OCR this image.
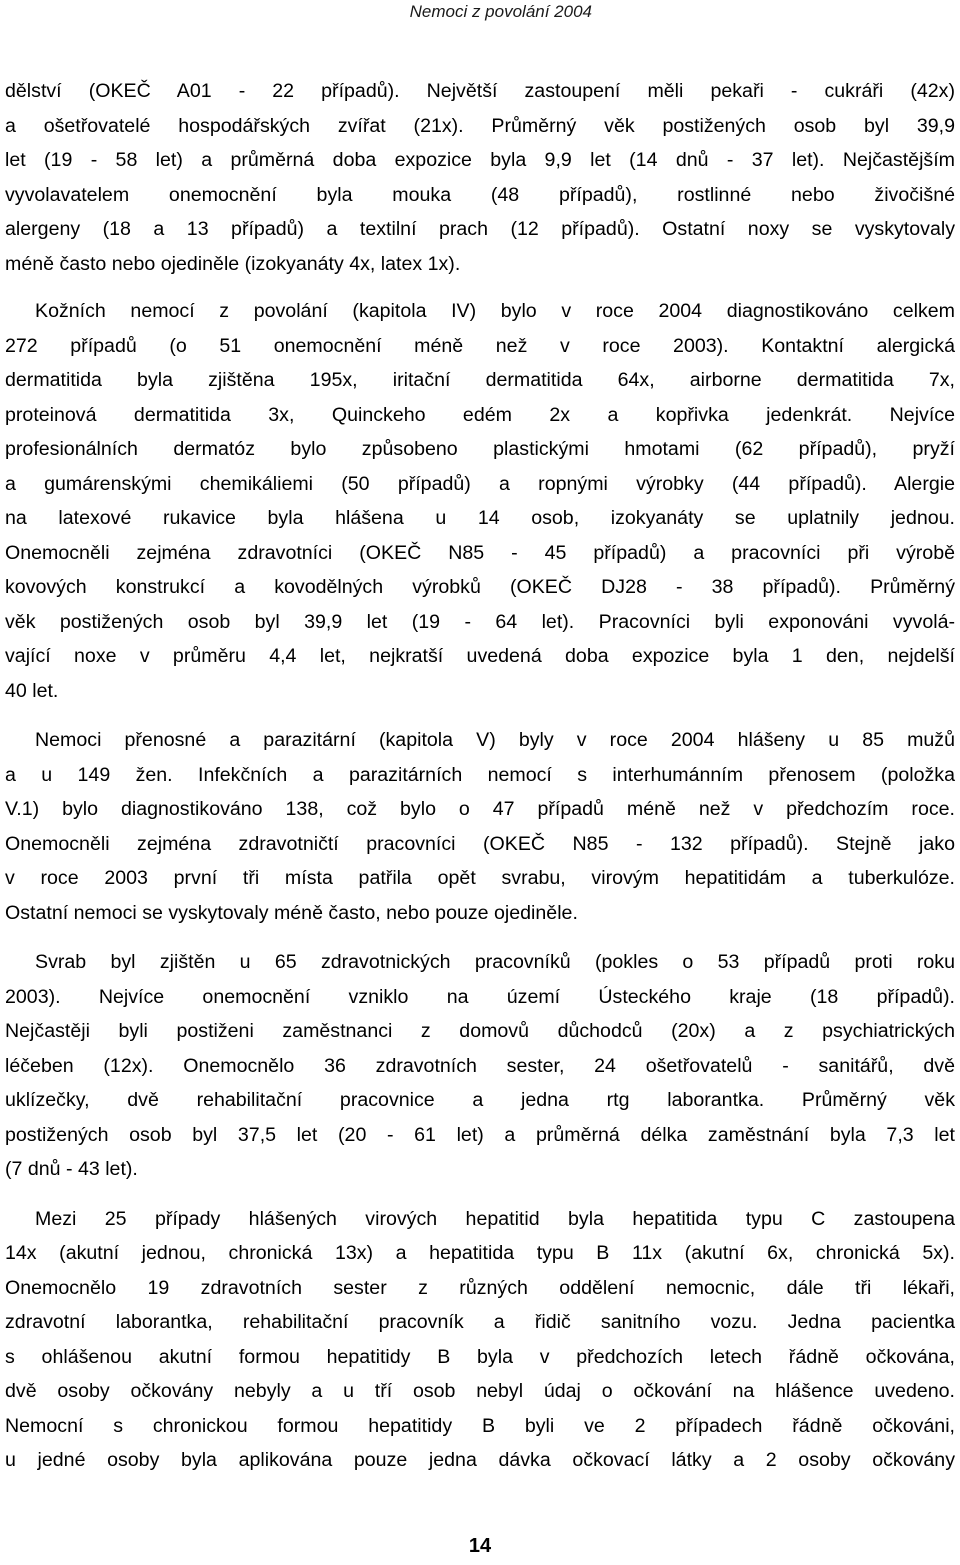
Nemoci z povolání 2004

dělství (OKEČ A01 - 22 případů). Největší zastoupení měli pekaři - cukráři (42x)
a ošetřovatelé hospodářských zvířat (21x). Průměrný věk postižených osob byl 39,9
let (19 - 58 let) a průměrná doba expozice byla 9,9 let (14 dnů - 37 let). Nejčastějším
vyvolavatelem onemocnění byla mouka (48 případů), rostlinné nebo živočišné
alergeny (18 a 13 případů) a textilní prach (12 případů). Ostatní noxy se vyskytovaly
méně často nebo ojediněle (izokyanáty 4x, latex 1x).

Kožních nemocí z povolání (kapitola IV) bylo v roce 2004 diagnostikováno celkem
272 případů (o 51 onemocnění méně než v roce 2003). Kontaktní alergická
dermatitida byla zjištěna 195x, iritační dermatitida 64x, airborne dermatitida 7x,
proteinová dermatitida 3x, Quinckeho edém 2x a kopřivka jedenkrát. Nejvíce
profesionálních dermatóz bylo způsobeno plastickými hmotami (62 případů), pryží
a gumárenskými chemikáliemi (50 případů) a ropnými výrobky (44 případů). Alergie
na latexové rukavice byla hlášena u 14 osob, izokyanáty se uplatnily jednou.
Onemocněli zejména zdravotníci (OKEČ N85 - 45 případů) a pracovníci při výrobě
kovových konstrukcí a kovodělných výrobků (OKEČ DJ28 - 38 případů). Průměrný
věk postižených osob byl 39,9 let (19 - 64 let). Pracovníci byli exponováni vyvolá-
vající noxe v průměru 4,4 let, nejkratší uvedená doba expozice byla 1 den, nejdelší
40 let.

Nemoci přenosné a parazitární (kapitola V) byly v roce 2004 hlášeny u 85 mužů
a u 149 žen. Infekčních a parazitárních nemocí s interhumánním přenosem (položka
V.1) bylo diagnostikováno 138, což bylo o 47 případů méně než v předchozím roce.
Onemocněli zejména zdravotničtí pracovníci (OKEČ N85 - 132 případů). Stejně jako
v roce 2003 první tři místa patřila opět svrabu, virovým hepatitidám a tuberkulóze.
Ostatní nemoci se vyskytovaly méně často, nebo pouze ojediněle.

Svrab byl zjištěn u 65 zdravotnických pracovníků (pokles o 53 případů proti roku
2003). Nejvíce onemocnění vzniklo na území Ústeckého kraje (18 případů).
Nejčastěji byli postiženi zaměstnanci z domovů důchodců (20x) a z psychiatrických
léčeben (12x). Onemocnělo 36 zdravotních sester, 24 ošetřovatelů - sanitářů, dvě
uklízečky, dvě rehabilitační pracovnice a jedna rtg laborantka. Průměrný věk
postižených osob byl 37,5 let (20 - 61 let) a průměrná délka zaměstnání byla 7,3 let
(7 dnů - 43 let).

Mezi 25 případy hlášených virových hepatitid byla hepatitida typu C zastoupena
14x (akutní jednou, chronická 13x) a hepatitida typu B 11x (akutní 6x, chronická 5x).
Onemocnělo 19 zdravotních sester z různých oddělení nemocnic, dále tři lékaři,
zdravotní laborantka, rehabilitační pracovník a řidič sanitního vozu. Jedna pacientka
s ohlášenou akutní formou hepatitidy B byla v předchozích letech řádně očkována,
dvě osoby očkovány nebyly a u tří osob nebyl údaj o očkování na hlášence uvedeno.
Nemocní s chronickou formou hepatitidy B byli ve 2 případech řádně očkováni,
u jedné osoby byla aplikována pouze jedna dávka očkovací látky a 2 osoby očkovány

14
